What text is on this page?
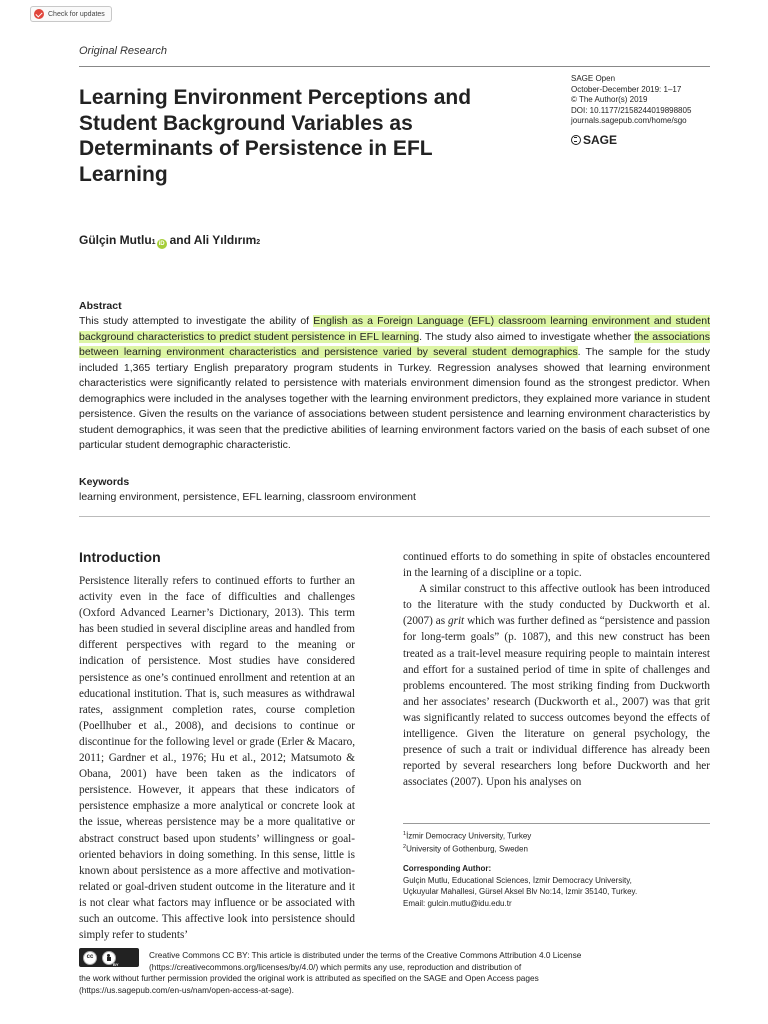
Check for updates
Original Research
Learning Environment Perceptions and Student Background Variables as Determinants of Persistence in EFL Learning
SAGE Open
October-December 2019: 1–17
© The Author(s) 2019
DOI: 10.1177/2158244019898805
journals.sagepub.com/home/sgo
SAGE
Gülçin Mutlu$_1$ iD and Ali Yıldırım$_2$
Abstract
This study attempted to investigate the ability of English as a Foreign Language (EFL) classroom learning environment and student background characteristics to predict student persistence in EFL learning. The study also aimed to investigate whether the associations between learning environment characteristics and persistence varied by several student demographics. The sample for the study included 1,365 tertiary English preparatory program students in Turkey. Regression analyses showed that learning environment characteristics were significantly related to persistence with materials environment dimension found as the strongest predictor. When demographics were included in the analyses together with the learning environment predictors, they explained more variance in student persistence. Given the results on the variance of associations between student persistence and learning environment characteristics by student demographics, it was seen that the predictive abilities of learning environment factors varied on the basis of each subset of one particular student demographic characteristic.
Keywords
learning environment, persistence, EFL learning, classroom environment
Introduction

Persistence literally refers to continued efforts to further an activity even in the face of difficulties and challenges (Oxford Advanced Learner’s Dictionary, 2013). This term has been studied in several discipline areas and handled from different perspectives with regard to the meaning or indication of persistence. Most studies have considered persistence as one’s continued enrollment and retention at an educational institution. That is, such measures as withdrawal rates, assignment completion rates, course completion (Poellhuber et al., 2008), and decisions to continue or discontinue for the following level or grade (Erler & Macaro, 2011; Gardner et al., 1976; Hu et al., 2012; Matsumoto & Obana, 2001) have been taken as the indicators of persistence. However, it appears that these indicators of persistence emphasize a more analytical or concrete look at the issue, whereas persistence may be a more qualitative or abstract construct based upon students’ willingness or goal-oriented behaviors in doing something. In this sense, little is known about persistence as a more affective and motivation-related or goal-driven student outcome in the literature and it is not clear what factors may influence or be associated with such an outcome. This affective look into persistence should simply refer to students’

continued efforts to do something in spite of obstacles encountered in the learning of a discipline or a topic.

A similar construct to this affective outlook has been introduced to the literature with the study conducted by Duckworth et al. (2007) as grit which was further defined as “persistence and passion for long-term goals” (p. 1087), and this new construct has been treated as a trait-level measure requiring people to maintain interest and effort for a sustained period of time in spite of challenges and problems encountered. The most striking finding from Duckworth and her associates’ research (Duckworth et al., 2007) was that grit was significantly related to success outcomes beyond the effects of intelligence. Given the literature on general psychology, the presence of such a trait or individual difference has already been reported by several researchers long before Duckworth and her associates (2007). Upon his analyses on

$^1$İzmir Democracy University, Turkey
$^2$University of Gothenburg, Sweden
Corresponding Author:
Gulçin Mutlu, Educational Sciences, İzmir Democracy University,
Uçkuyular Mahallesi, Gürsel Aksel Blv No:14, İzmir 35140, Turkey.
Email: gulcin.mutlu@idu.edu.tr
cc
BY
Creative Commons CC BY: This article is distributed under the terms of the Creative Commons Attribution 4.0 License
(https://creativecommons.org/licenses/by/4.0/) which permits any use, reproduction and distribution of
the work without further permission provided the original work is attributed as specified on the SAGE and Open Access pages
(https://us.sagepub.com/en-us/nam/open-access-at-sage).
